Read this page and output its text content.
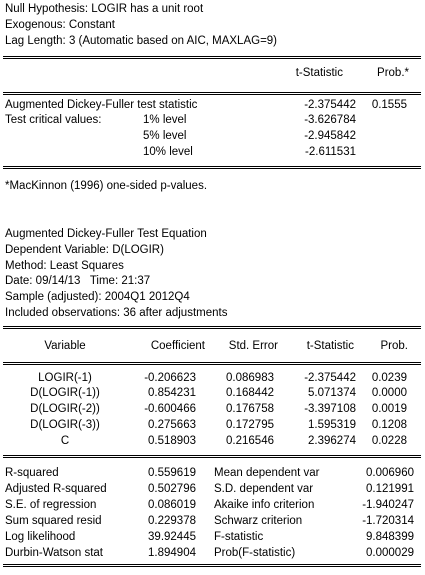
Null Hypothesis: LOGIR has a unit root
Exogenous: Constant
Lag Length: 3 (Automatic based on AIC, MAXLAG=9)
t-Statistic	Prob.*
Augmented Dickey-Fuller test statistic	-2.375442 0.1555
Test critical values:	1% level	-3.626784
5% level	-2.945842
10% level	-2.611531
*MacKinnon (1996) one-sided p-values.
Augmented Dickey-Fuller Test Equation
Dependent Variable: D(LOGIR)
Method: Least Squares
Date: 09/14/13   Time: 21:37
Sample (adjusted): 2004Q1 2012Q4
Included observations: 36 after adjustments
Variable	Coefficient Std. Error t-Statistic Prob.
LOGIR(-1)	-0.206623	0.086983	-2.375442 0.0239
D(LOGIR(-1))	0.854231	0.168442	5.071374 0.0000
D(LOGIR(-2))	-0.600466	0.176758	-3.397108 0.0019
D(LOGIR(-3))	0.275663	0.172795	1.595319 0.1208
C	0.518903	0.216546	2.396274 0.0228
R-squared	0.559619 Mean dependent var	0.006960
Adjusted R-squared	0.502796 S.D. dependent var	0.121991
S.E. of regression	0.086019 Akaike info criterion	-1.940247
Sum squared resid	0.229378 Schwarz criterion	-1.720314
Log likelihood	39.92445 F-statistic	9.848399
Durbin-Watson stat	1.894904 Prob(F-statistic)	0.000029
